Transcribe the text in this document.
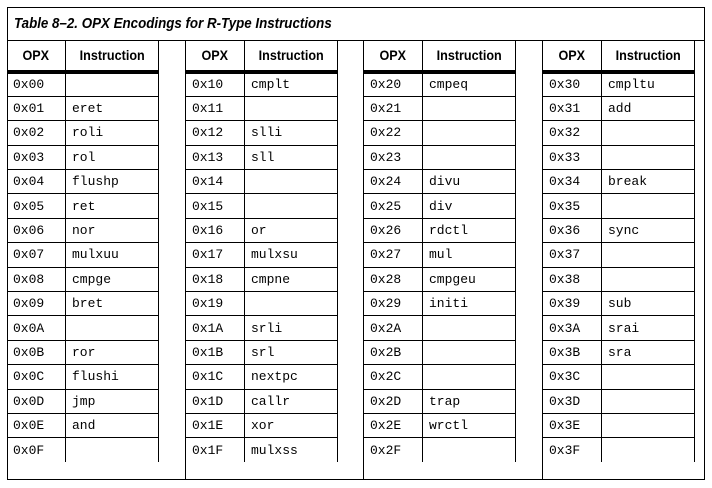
Table 8–2. OPX Encodings for R-Type Instructions
OPX	Instruction
0x00	
0x01	eret
0x02	roli
0x03	rol
0x04	flushp
0x05	ret
0x06	nor
0x07	mulxuu
0x08	cmpge
0x09	bret
0x0A	
0x0B	ror
0x0C	flushi
0x0D	jmp
0x0E	and
0x0F	
OPX	Instruction
0x10	cmplt
0x11	
0x12	slli
0x13	sll
0x14	
0x15	
0x16	or
0x17	mulxsu
0x18	cmpne
0x19	
0x1A	srli
0x1B	srl
0x1C	nextpc
0x1D	callr
0x1E	xor
0x1F	mulxss
OPX	Instruction
0x20	cmpeq
0x21	
0x22	
0x23	
0x24	divu
0x25	div
0x26	rdctl
0x27	mul
0x28	cmpgeu
0x29	initi
0x2A	
0x2B	
0x2C	
0x2D	trap
0x2E	wrctl
0x2F	
OPX	Instruction
0x30	cmpltu
0x31	add
0x32	
0x33	
0x34	break
0x35	
0x36	sync
0x37	
0x38	
0x39	sub
0x3A	srai
0x3B	sra
0x3C	
0x3D	
0x3E	
0x3F	
